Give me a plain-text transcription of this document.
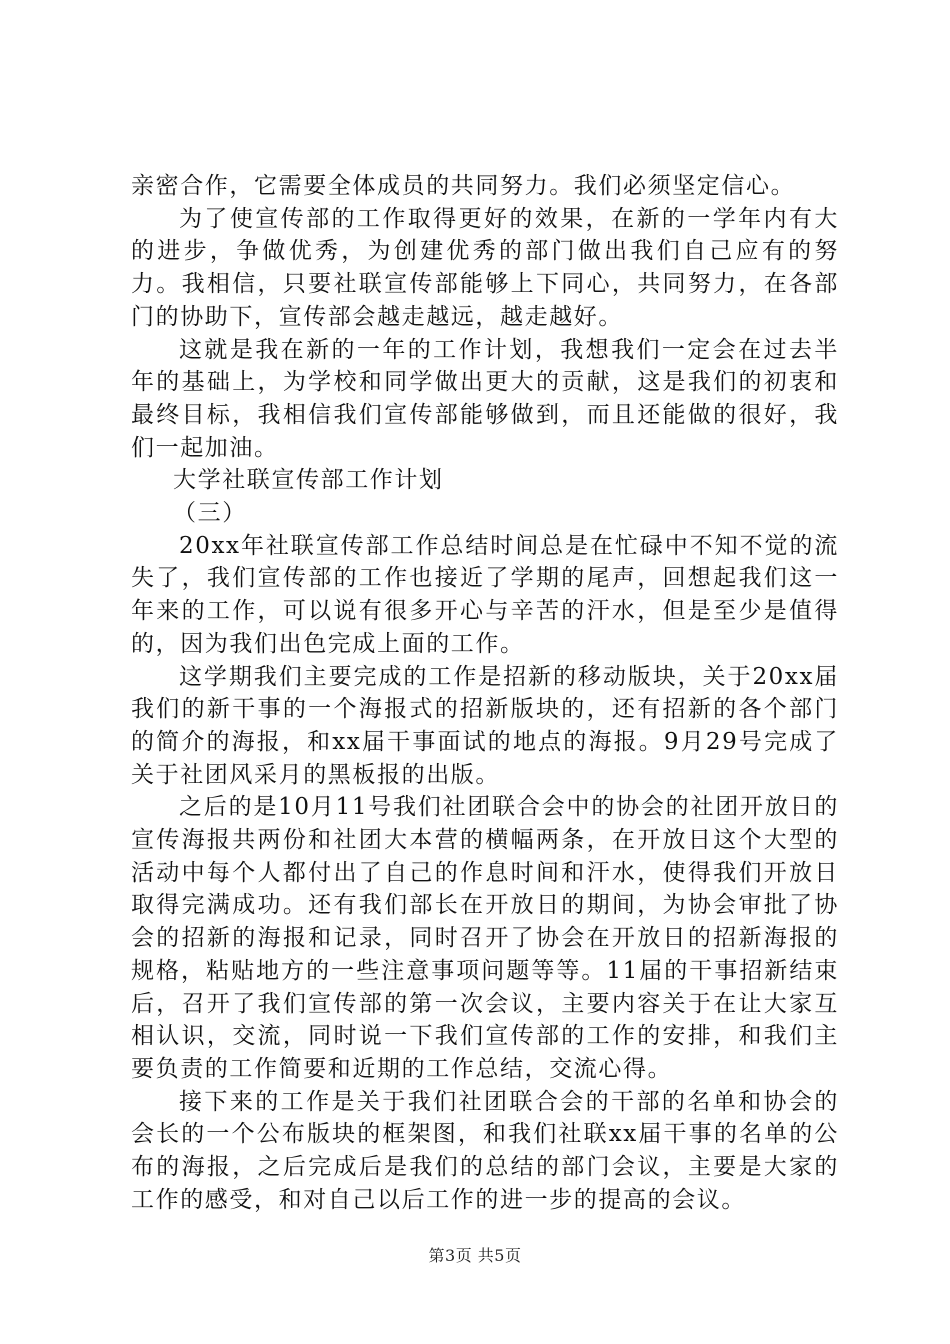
亲密合作，它需要全体成员的共同努力。我们必须坚定信心。

为了使宣传部的工作取得更好的效果，在新的一学年内有大的进步，争做优秀，为创建优秀的部门做出我们自己应有的努力。我相信，只要社联宣传部能够上下同心，共同努力，在各部门的协助下，宣传部会越走越远，越走越好。

这就是我在新的一年的工作计划，我想我们一定会在过去半年的基础上，为学校和同学做出更大的贡献，这是我们的初衷和最终目标，我相信我们宣传部能够做到，而且还能做的很好，我们一起加油。

大学社联宣传部工作计划

（三）

20xx年社联宣传部工作总结时间总是在忙碌中不知不觉的流失了，我们宣传部的工作也接近了学期的尾声，回想起我们这一年来的工作，可以说有很多开心与辛苦的汗水，但是至少是值得的，因为我们出色完成上面的工作。

这学期我们主要完成的工作是招新的移动版块，关于20xx届我们的新干事的一个海报式的招新版块的，还有招新的各个部门的简介的海报，和xx届干事面试的地点的海报。9月29号完成了关于社团风采月的黑板报的出版。

之后的是10月11号我们社团联合会中的协会的社团开放日的宣传海报共两份和社团大本营的横幅两条，在开放日这个大型的活动中每个人都付出了自己的作息时间和汗水，使得我们开放日取得完满成功。还有我们部长在开放日的期间，为协会审批了协会的招新的海报和记录，同时召开了协会在开放日的招新海报的规格，粘贴地方的一些注意事项问题等等。11届的干事招新结束后，召开了我们宣传部的第一次会议，主要内容关于在让大家互相认识，交流，同时说一下我们宣传部的工作的安排，和我们主要负责的工作简要和近期的工作总结，交流心得。

接下来的工作是关于我们社团联合会的干部的名单和协会的会长的一个公布版块的框架图，和我们社联xx届干事的名单的公布的海报，之后完成后是我们的总结的部门会议，主要是大家的工作的感受，和对自己以后工作的进一步的提高的会议。

第3页 共5页
